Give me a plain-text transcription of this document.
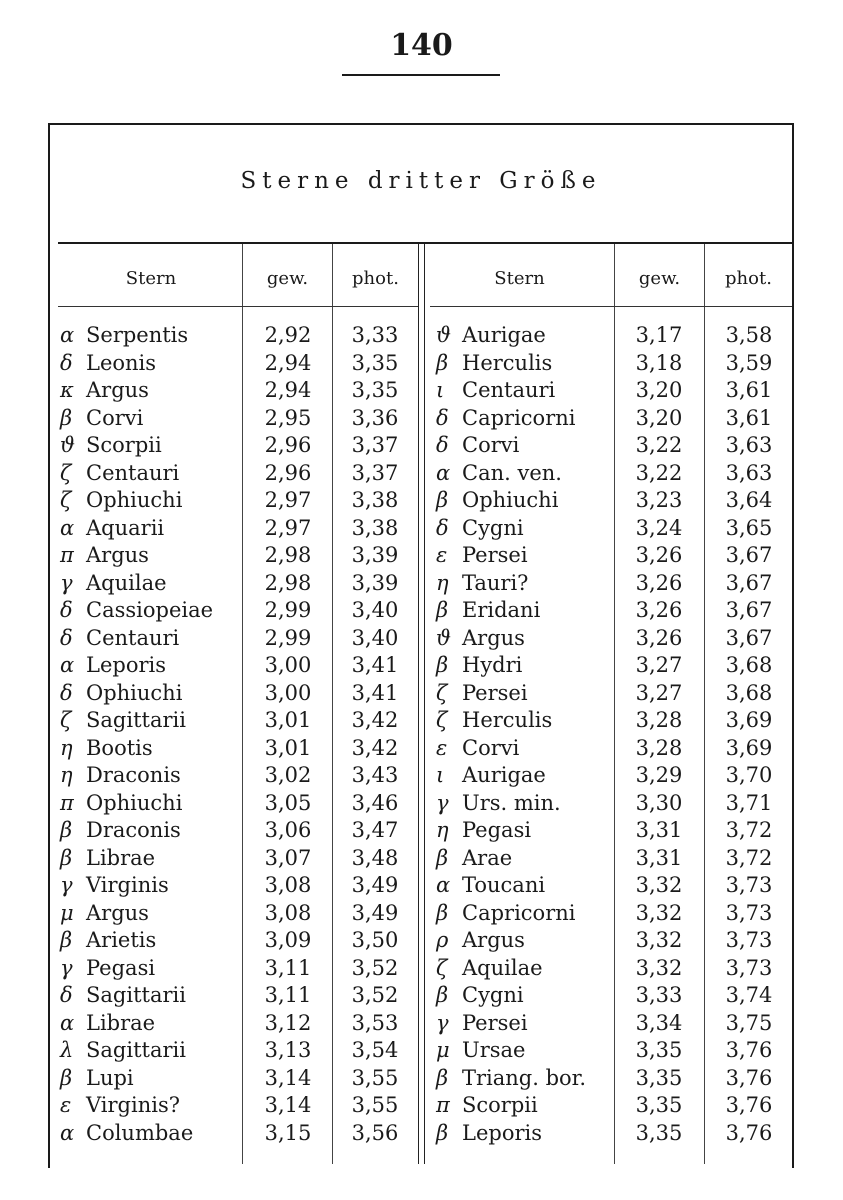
140
Sterne dritter Größe
Stern	gew.	phot.	Stern	gew.	phot.
α Serpentis	2,92	3,33
δ Leonis	2,94	3,35
κ Argus	2,94	3,35
β Corvi	2,95	3,36
ϑ Scorpii	2,96	3,37
ζ Centauri	2,96	3,37
ζ Ophiuchi	2,97	3,38
α Aquarii	2,97	3,38
π Argus	2,98	3,39
γ Aquilae	2,98	3,39
δ Cassiopeiae	2,99	3,40
δ Centauri	2,99	3,40
α Leporis	3,00	3,41
δ Ophiuchi	3,00	3,41
ζ Sagittarii	3,01	3,42
η Bootis	3,01	3,42
η Draconis	3,02	3,43
π Ophiuchi	3,05	3,46
β Draconis	3,06	3,47
β Librae	3,07	3,48
γ Virginis	3,08	3,49
μ Argus	3,08	3,49
β Arietis	3,09	3,50
γ Pegasi	3,11	3,52
δ Sagittarii	3,11	3,52
α Librae	3,12	3,53
λ Sagittarii	3,13	3,54
β Lupi	3,14	3,55
ε Virginis?	3,14	3,55
α Columbae	3,15	3,56
ϑ Aurigae	3,17	3,58
β Herculis	3,18	3,59
ι Centauri	3,20	3,61
δ Capricorni	3,20	3,61
δ Corvi	3,22	3,63
α Can. ven.	3,22	3,63
β Ophiuchi	3,23	3,64
δ Cygni	3,24	3,65
ε Persei	3,26	3,67
η Tauri?	3,26	3,67
β Eridani	3,26	3,67
ϑ Argus	3,26	3,67
β Hydri	3,27	3,68
ζ Persei	3,27	3,68
ζ Herculis	3,28	3,69
ε Corvi	3,28	3,69
ι Aurigae	3,29	3,70
γ Urs. min.	3,30	3,71
η Pegasi	3,31	3,72
β Arae	3,31	3,72
α Toucani	3,32	3,73
β Capricorni	3,32	3,73
ρ Argus	3,32	3,73
ζ Aquilae	3,32	3,73
β Cygni	3,33	3,74
γ Persei	3,34	3,75
μ Ursae	3,35	3,76
β Triang. bor.	3,35	3,76
π Scorpii	3,35	3,76
β Leporis	3,35	3,76
